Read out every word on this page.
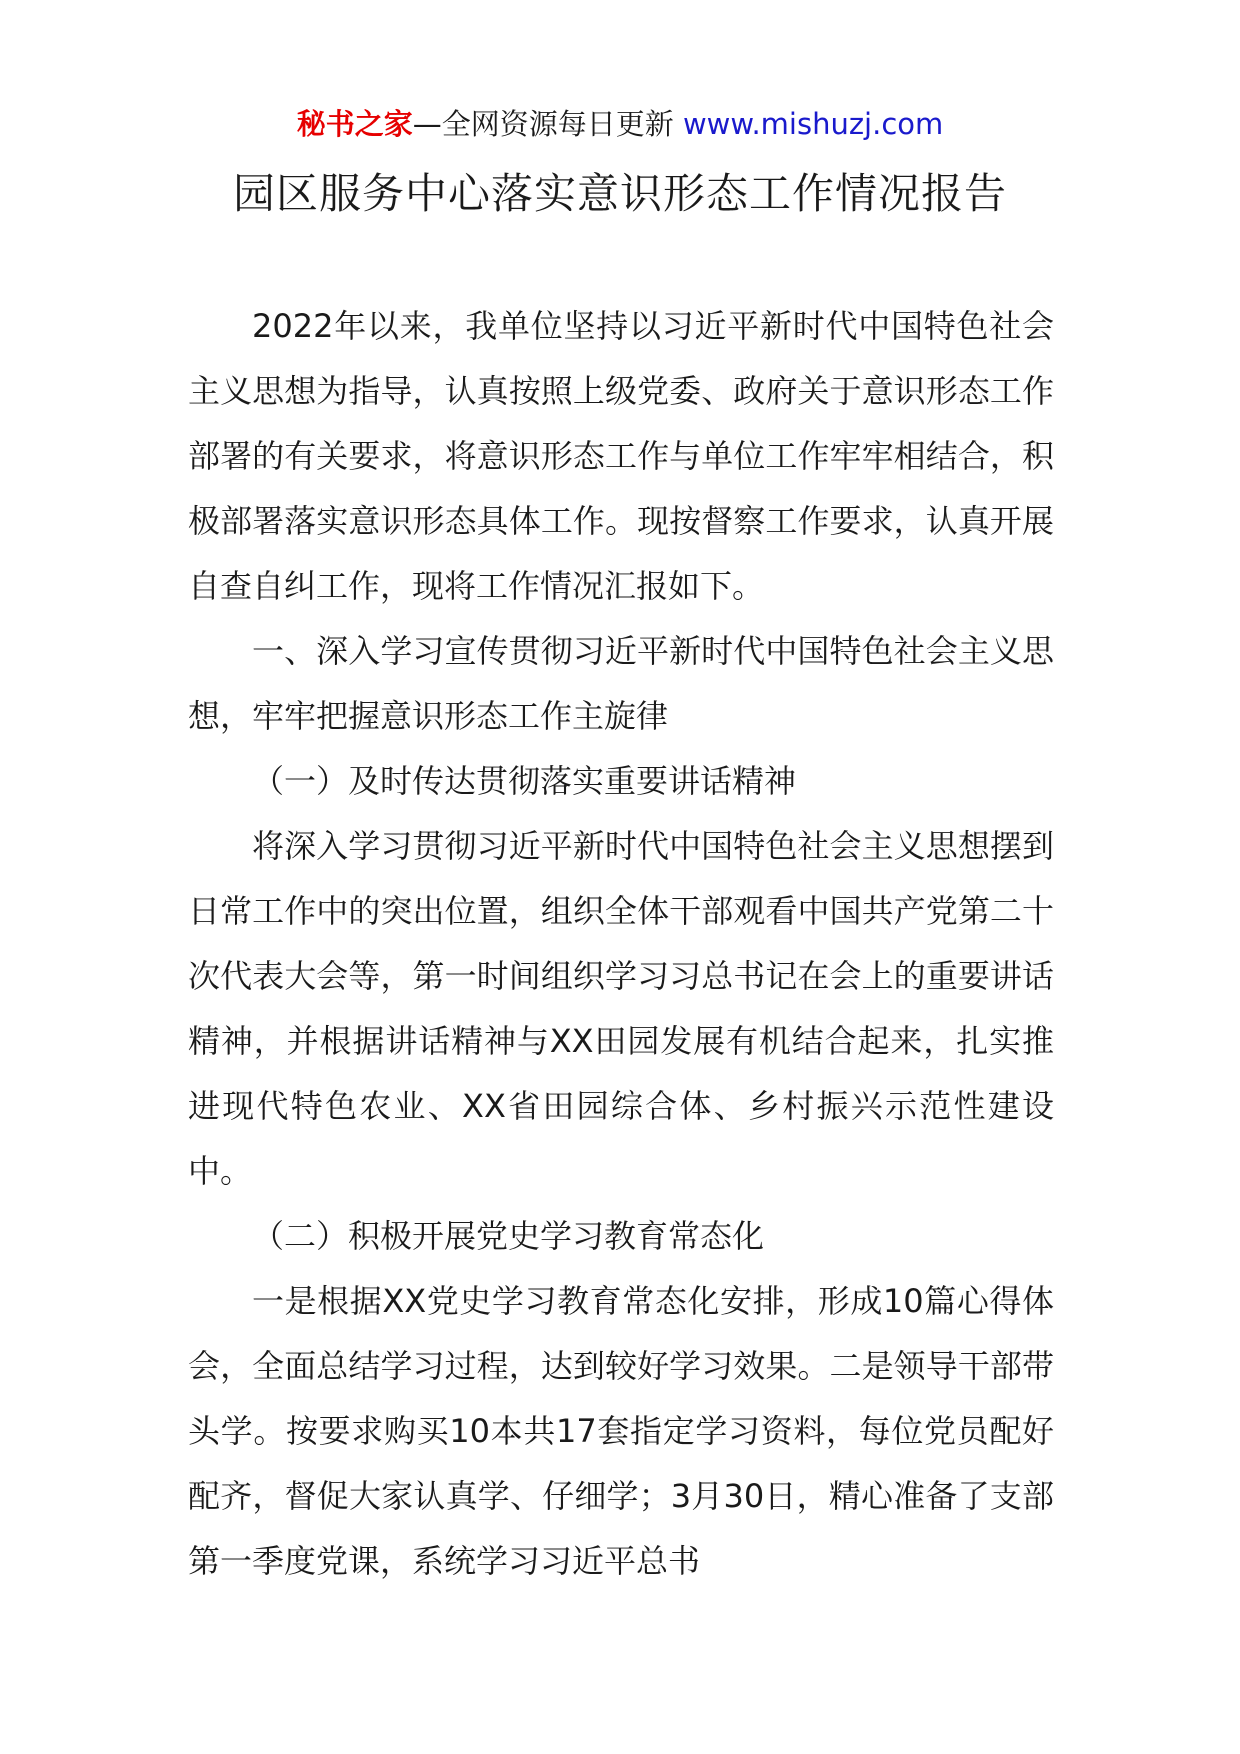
秘书之家—全网资源每日更新 www.mishuzj.com
园区服务中心落实意识形态工作情况报告

2022年以来，我单位坚持以习近平新时代中国特色社会主义思想为指导，认真按照上级党委、政府关于意识形态工作部署的有关要求，将意识形态工作与单位工作牢牢相结合，积极部署落实意识形态具体工作。现按督察工作要求，认真开展自查自纠工作，现将工作情况汇报如下。

一、深入学习宣传贯彻习近平新时代中国特色社会主义思想，牢牢把握意识形态工作主旋律

（一）及时传达贯彻落实重要讲话精神

将深入学习贯彻习近平新时代中国特色社会主义思想摆到日常工作中的突出位置，组织全体干部观看中国共产党第二十次代表大会等，第一时间组织学习习总书记在会上的重要讲话精神，并根据讲话精神与XX田园发展有机结合起来，扎实推进现代特色农业、XX省田园综合体、乡村振兴示范性建设中。

（二）积极开展党史学习教育常态化

一是根据XX党史学习教育常态化安排，形成10篇心得体会，全面总结学习过程，达到较好学习效果。二是领导干部带头学。按要求购买10本共17套指定学习资料，每位党员配好配齐，督促大家认真学、仔细学；3月30日，精心准备了支部第一季度党课，系统学习习近平总书
